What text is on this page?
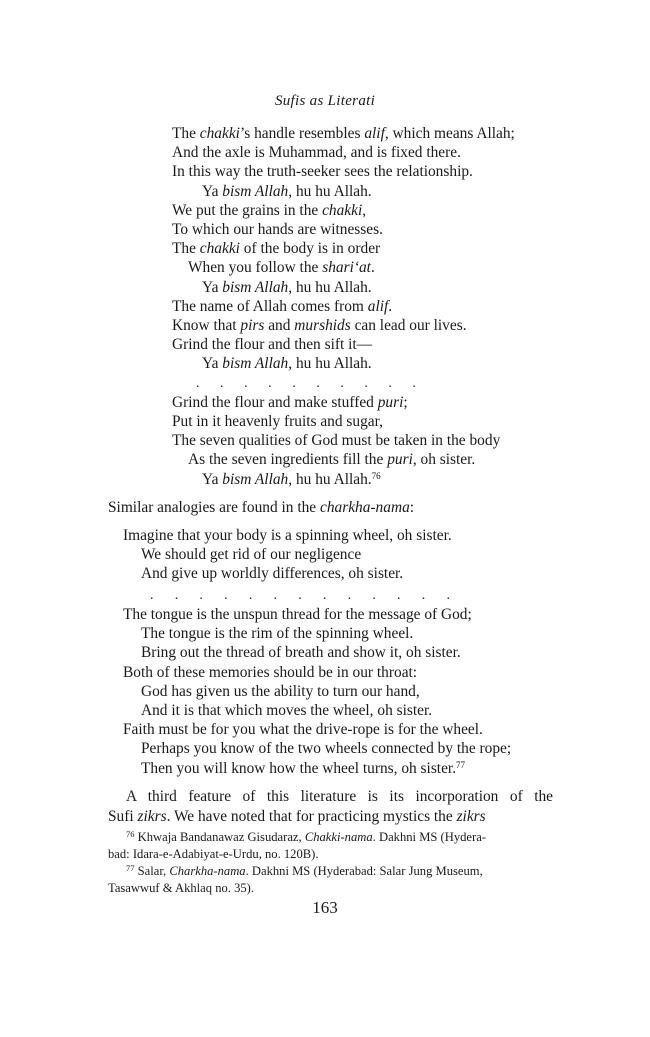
Sufis as Literati
The chakki’s handle resembles alif, which means Allah;
And the axle is Muhammad, and is fixed there.
In this way the truth-seeker sees the relationship.
Ya bism Allah, hu hu Allah.
We put the grains in the chakki,
To which our hands are witnesses.
The chakki of the body is in order
When you follow the shari‘at.
Ya bism Allah, hu hu Allah.
The name of Allah comes from alif.
Know that pirs and murshids can lead our lives.
Grind the flour and then sift it—
Ya bism Allah, hu hu Allah.
. . . . . . . . . .
Grind the flour and make stuffed puri;
Put in it heavenly fruits and sugar,
The seven qualities of God must be taken in the body
As the seven ingredients fill the puri, oh sister.
Ya bism Allah, hu hu Allah.$^{76}$
Similar analogies are found in the charkha-nama:
Imagine that your body is a spinning wheel, oh sister.
We should get rid of our negligence
And give up worldly differences, oh sister.
. . . . . . . . . . . . .
The tongue is the unspun thread for the message of God;
The tongue is the rim of the spinning wheel.
Bring out the thread of breath and show it, oh sister.
Both of these memories should be in our throat:
God has given us the ability to turn our hand,
And it is that which moves the wheel, oh sister.
Faith must be for you what the drive-rope is for the wheel.
Perhaps you know of the two wheels connected by the rope;
Then you will know how the wheel turns, oh sister.$^{77}$
A third feature of this literature is its incorporation of the
Sufi zikrs. We have noted that for practicing mystics the zikrs

$^{76}$ Khwaja Bandanawaz Gisudaraz, Chakki-nama. Dakhni MS (Hydera-
bad: Idara-e-Adabiyat-e-Urdu, no. 120B).

$^{77}$ Salar, Charkha-nama. Dakhni MS (Hyderabad: Salar Jung Museum,
Tasawwuf & Akhlaq no. 35).

163
